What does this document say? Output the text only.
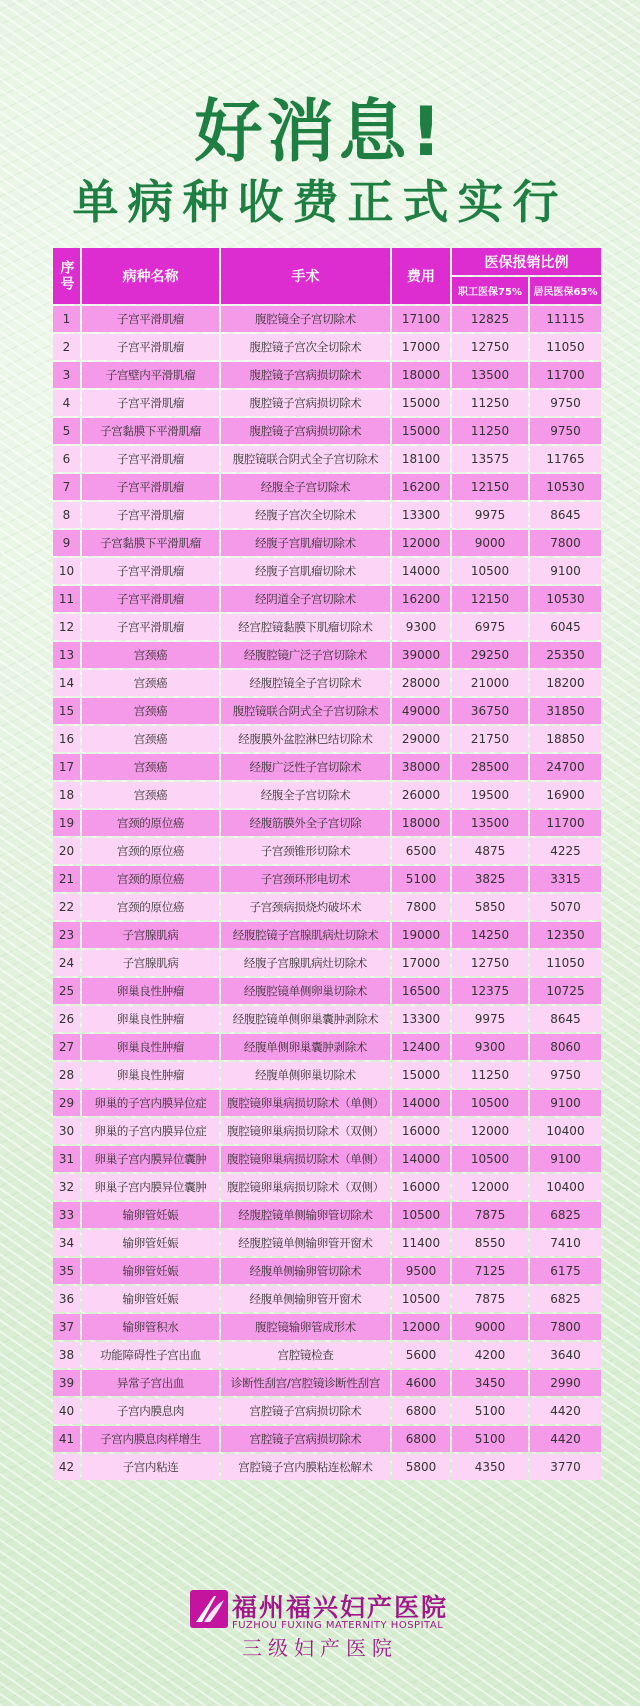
好消息!
单病种收费正式实行
序号	病种名称	手术	费用	医保报销比例	
				职工医保75%	居民医保65%
1	子宫平滑肌瘤	腹腔镜全子宫切除术	17100	12825	11115
2	子宫平滑肌瘤	腹腔镜子宫次全切除术	17000	12750	11050
3	子宫壁内平滑肌瘤	腹腔镜子宫病损切除术	18000	13500	11700
4	子宫平滑肌瘤	腹腔镜子宫病损切除术	15000	11250	9750
5	子宫黏膜下平滑肌瘤	腹腔镜子宫病损切除术	15000	11250	9750
6	子宫平滑肌瘤	腹腔镜联合阴式全子宫切除术	18100	13575	11765
7	子宫平滑肌瘤	经腹全子宫切除术	16200	12150	10530
8	子宫平滑肌瘤	经腹子宫次全切除术	13300	9975	8645
9	子宫黏膜下平滑肌瘤	经腹子宫肌瘤切除术	12000	9000	7800
10	子宫平滑肌瘤	经腹子宫肌瘤切除术	14000	10500	9100
11	子宫平滑肌瘤	经阴道全子宫切除术	16200	12150	10530
12	子宫平滑肌瘤	经宫腔镜黏膜下肌瘤切除术	9300	6975	6045
13	宫颈癌	经腹腔镜广泛子宫切除术	39000	29250	25350
14	宫颈癌	经腹腔镜全子宫切除术	28000	21000	18200
15	宫颈癌	腹腔镜联合阴式全子宫切除术	49000	36750	31850
16	宫颈癌	经腹膜外盆腔淋巴结切除术	29000	21750	18850
17	宫颈癌	经腹广泛性子宫切除术	38000	28500	24700
18	宫颈癌	经腹全子宫切除术	26000	19500	16900
19	宫颈的原位癌	经腹筋膜外全子宫切除	18000	13500	11700
20	宫颈的原位癌	子宫颈锥形切除术	6500	4875	4225
21	宫颈的原位癌	子宫颈环形电切术	5100	3825	3315
22	宫颈的原位癌	子宫颈病损烧灼破坏术	7800	5850	5070
23	子宫腺肌病	经腹腔镜子宫腺肌病灶切除术	19000	14250	12350
24	子宫腺肌病	经腹子宫腺肌病灶切除术	17000	12750	11050
25	卵巢良性肿瘤	经腹腔镜单侧卵巢切除术	16500	12375	10725
26	卵巢良性肿瘤	经腹腔镜单侧卵巢囊肿剥除术	13300	9975	8645
27	卵巢良性肿瘤	经腹单侧卵巢囊肿剥除术	12400	9300	8060
28	卵巢良性肿瘤	经腹单侧卵巢切除术	15000	11250	9750
29	卵巢的子宫内膜异位症	腹腔镜卵巢病损切除术（单侧）	14000	10500	9100
30	卵巢的子宫内膜异位症	腹腔镜卵巢病损切除术（双侧）	16000	12000	10400
31	卵巢子宫内膜异位囊肿	腹腔镜卵巢病损切除术（单侧）	14000	10500	9100
32	卵巢子宫内膜异位囊肿	腹腔镜卵巢病损切除术（双侧）	16000	12000	10400
33	输卵管妊娠	经腹腔镜单侧输卵管切除术	10500	7875	6825
34	输卵管妊娠	经腹腔镜单侧输卵管开窗术	11400	8550	7410
35	输卵管妊娠	经腹单侧输卵管切除术	9500	7125	6175
36	输卵管妊娠	经腹单侧输卵管开窗术	10500	7875	6825
37	输卵管积水	腹腔镜输卵管成形术	12000	9000	7800
38	功能障碍性子宫出血	宫腔镜检查	5600	4200	3640
39	异常子宫出血	诊断性刮宫/宫腔镜诊断性刮宫	4600	3450	2990
40	子宫内膜息肉	宫腔镜子宫病损切除术	6800	5100	4420
41	子宫内膜息肉样增生	宫腔镜子宫病损切除术	6800	5100	4420
42	子宫内粘连	宫腔镜子宫内膜粘连松解术	5800	4350	3770
福州福兴妇产医院
FUZHOU FUXING MATERNITY HOSPITAL
三级妇产医院
